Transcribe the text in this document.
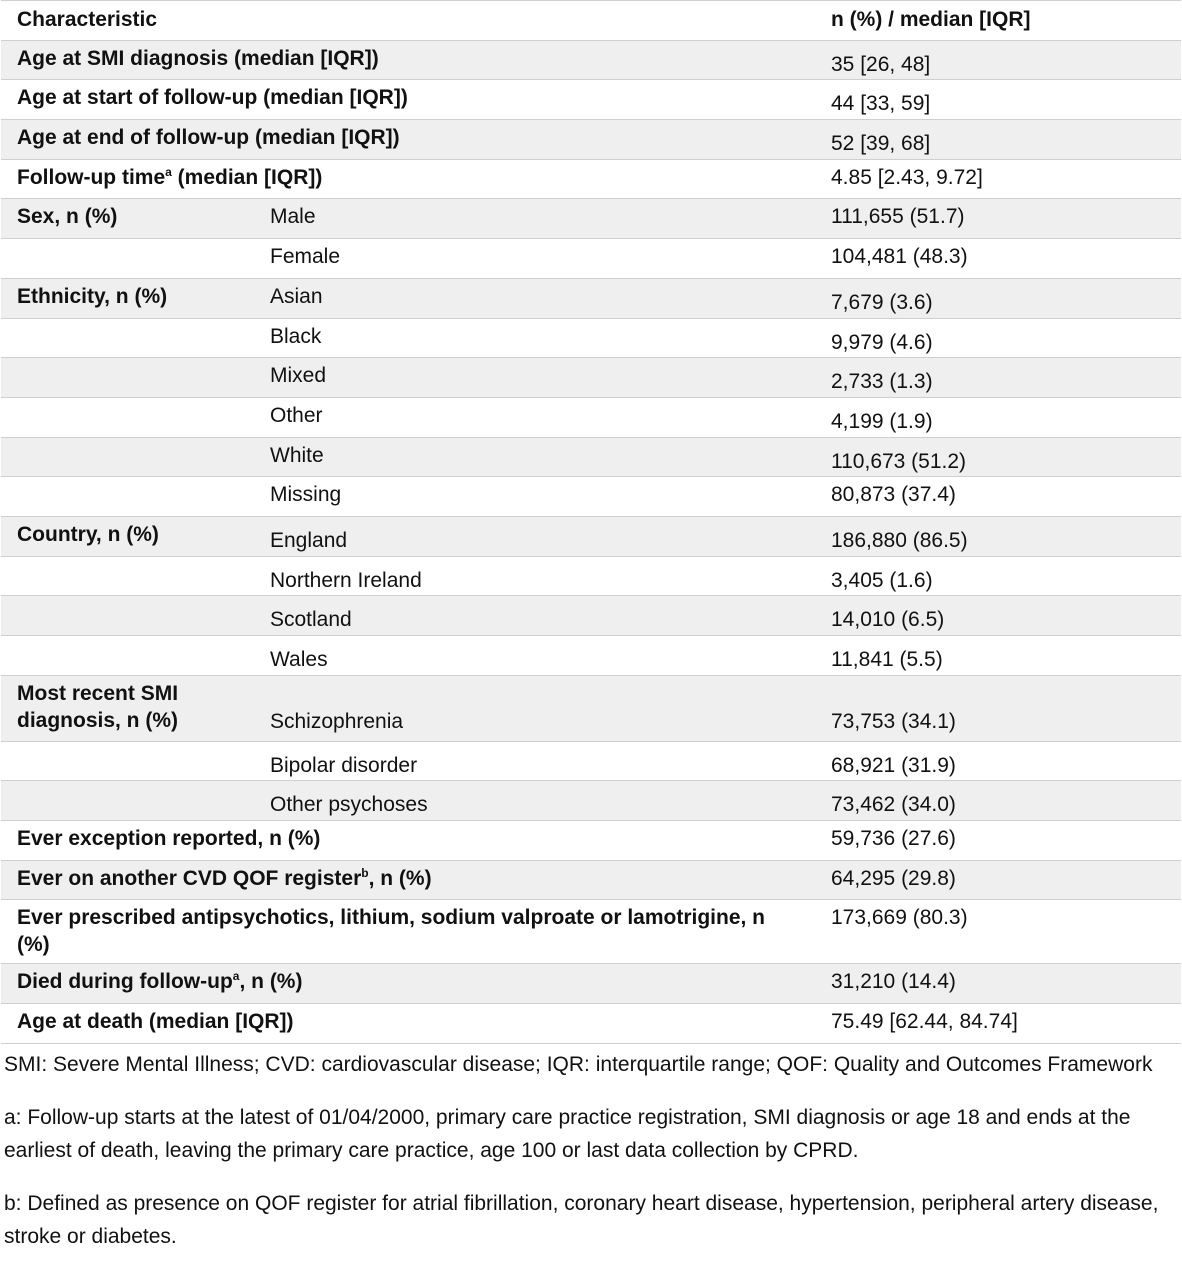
Characteristic		n (%) / median [IQR]

Age at SMI diagnosis (median [IQR])		35 [26, 48]

Age at start of follow-up (median [IQR])		44 [33, 59]

Age at end of follow-up (median [IQR])		52 [39, 68]

Follow-up time$^a$ (median [IQR])		4.85 [2.43, 9.72]

Sex, n (%)	Male	111,655 (51.7)

	Female	104,481 (48.3)

Ethnicity, n (%)	Asian	7,679 (3.6)

	Black	9,979 (4.6)

	Mixed	2,733 (1.3)

	Other	4,199 (1.9)

	White	110,673 (51.2)

	Missing	80,873 (37.4)

Country, n (%)	England	186,880 (86.5)

	Northern Ireland	3,405 (1.6)

	Scotland	14,010 (6.5)

	Wales	11,841 (5.5)

Most recent SMI diagnosis, n (%)	Schizophrenia	73,753 (34.1)

	Bipolar disorder	68,921 (31.9)

	Other psychoses	73,462 (34.0)

Ever exception reported, n (%)		59,736 (27.6)

Ever on another CVD QOF register$^b$, n (%)		64,295 (29.8)

Ever prescribed antipsychotics, lithium, sodium valproate or lamotrigine, n (%)		173,669 (80.3)

Died during follow-$up^a$, n (%)		31,210 (14.4)

Age at death (median [IQR])		75.49 [62.44, 84.74]

SMI: Severe Mental Illness; CVD: cardiovascular disease; IQR: interquartile range; QOF: Quality and Outcomes Framework

a: Follow-up starts at the latest of 01/04/2000, primary care practice registration, SMI diagnosis or age 18 and ends at the earliest of death, leaving the primary care practice, age 100 or last data collection by CPRD.

b: Defined as presence on QOF register for atrial fibrillation, coronary heart disease, hypertension, peripheral artery disease, stroke or diabetes.
